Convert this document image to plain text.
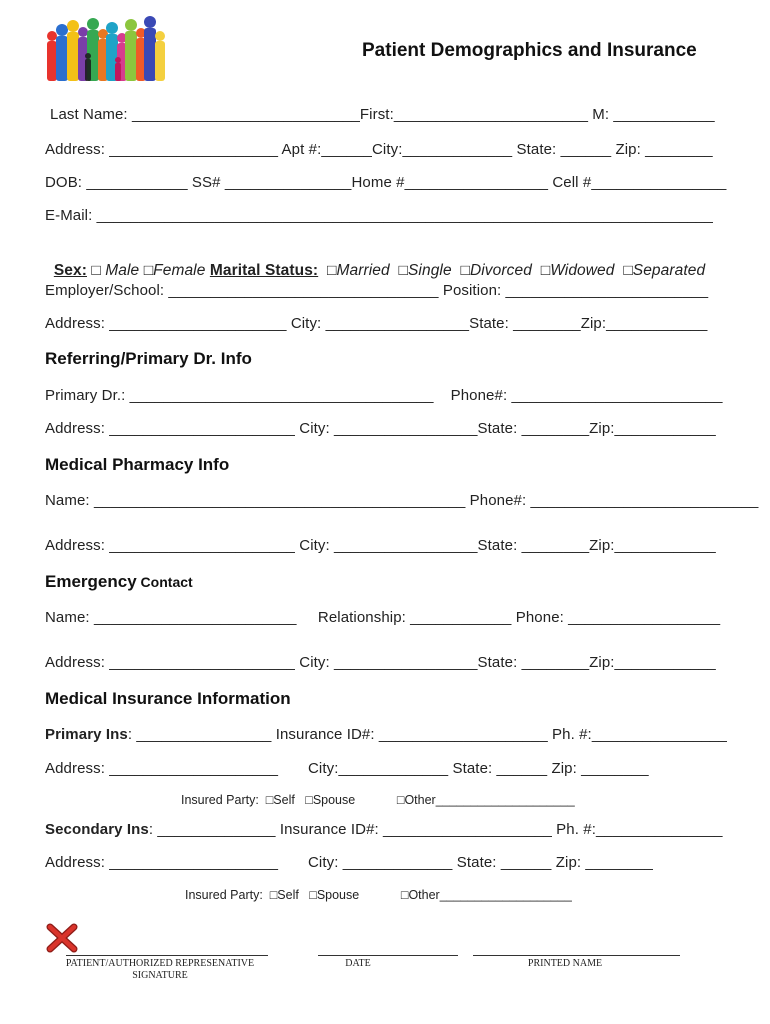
Patient Demographics and Insurance
Last Name: ___________________________First:_______________________ M: ____________
Address: ____________________ Apt #:______City:_____________ State: ______ Zip: ________
DOB: ____________ SS# _______________Home #_________________ Cell #________________
E-Mail: _________________________________________________________________________

Sex: □ Male □Female Marital Status: □Married  □Single  □Divorced  □Widowed  □Separated

Employer/School: ________________________________ Position: ________________________
Address: _____________________ City: _________________State: ________Zip:____________
Referring/Primary Dr. Info
Primary Dr.: ____________________________________    Phone#: _________________________
Address: ______________________ City: _________________State: ________Zip:____________
Medical Pharmacy Info
Name: ____________________________________________ Phone#: ___________________________
Address: ______________________ City: _________________State: ________Zip:____________
Emergency Contact
Name: ________________________     Relationship: ____________ Phone: __________________
Address: ______________________ City: _________________State: ________Zip:____________
Medical Insurance Information
Primary Ins: ________________ Insurance ID#: ____________________ Ph. #:________________
Address: ____________________       City:_____________ State: ______ Zip: ________
Insured Party:  □Self   □Spouse            □Other____________________
Secondary Ins: ______________ Insurance ID#: ____________________ Ph. #:_______________
Address: ____________________       City: _____________ State: ______ Zip: ________
Insured Party:  □Self   □Spouse            □Other___________________
PATIENT/AUTHORIZED REPRESENATIVE
SIGNATURE
DATE	PRINTED NAME
